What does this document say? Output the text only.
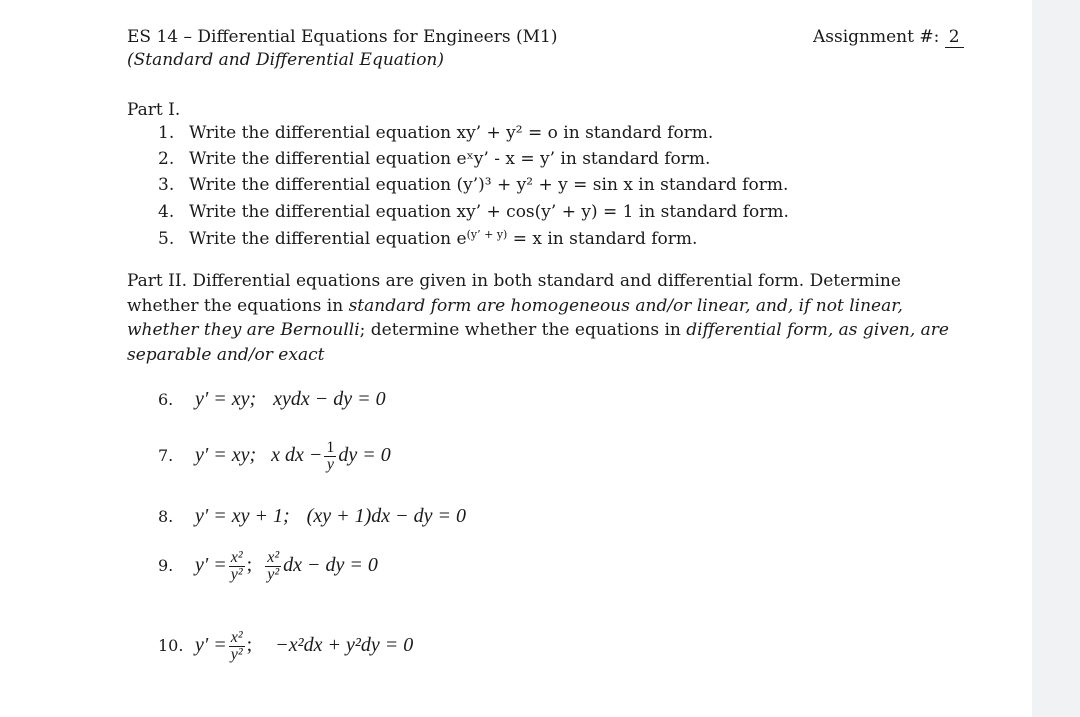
ES 14 – Differential Equations for Engineers (M1)
(Standard and Differential Equation)
Assignment #: 2
Part I.
1. Write the differential equation xy’ + y² = o in standard form.
2. Write the differential equation eˣy’ - x = y’ in standard form.
3. Write the differential equation (y’)³ + y² + y = sin x in standard form.
4. Write the differential equation xy’ + cos(y’ + y) = 1 in standard form.
5. Write the differential equation $e^{(y’ + y)} = x$ in standard form.
Part II. Differential equations are given in both standard and differential form. Determine whether the equations in standard form are homogeneous and/or linear, and, if not linear, whether they are Bernoulli; determine whether the equations in differential form, as given, are separable and/or exact
6. y′ = xy; xydx − dy = 0
7. y′ = xy; x dx − $\frac{1}{y}$ dy = 0
8. y′ = xy + 1; (xy + 1)dx − dy = 0
9. $y' = \frac{\text{x²}}{\text{y²}}$ ; $\frac{\text{x²}}{\text{y²}}$ dx − dy = 0
10. $y' = \frac{\text{x²}}{\text{y²}}$ ; −x²dx + y²dy = 0
